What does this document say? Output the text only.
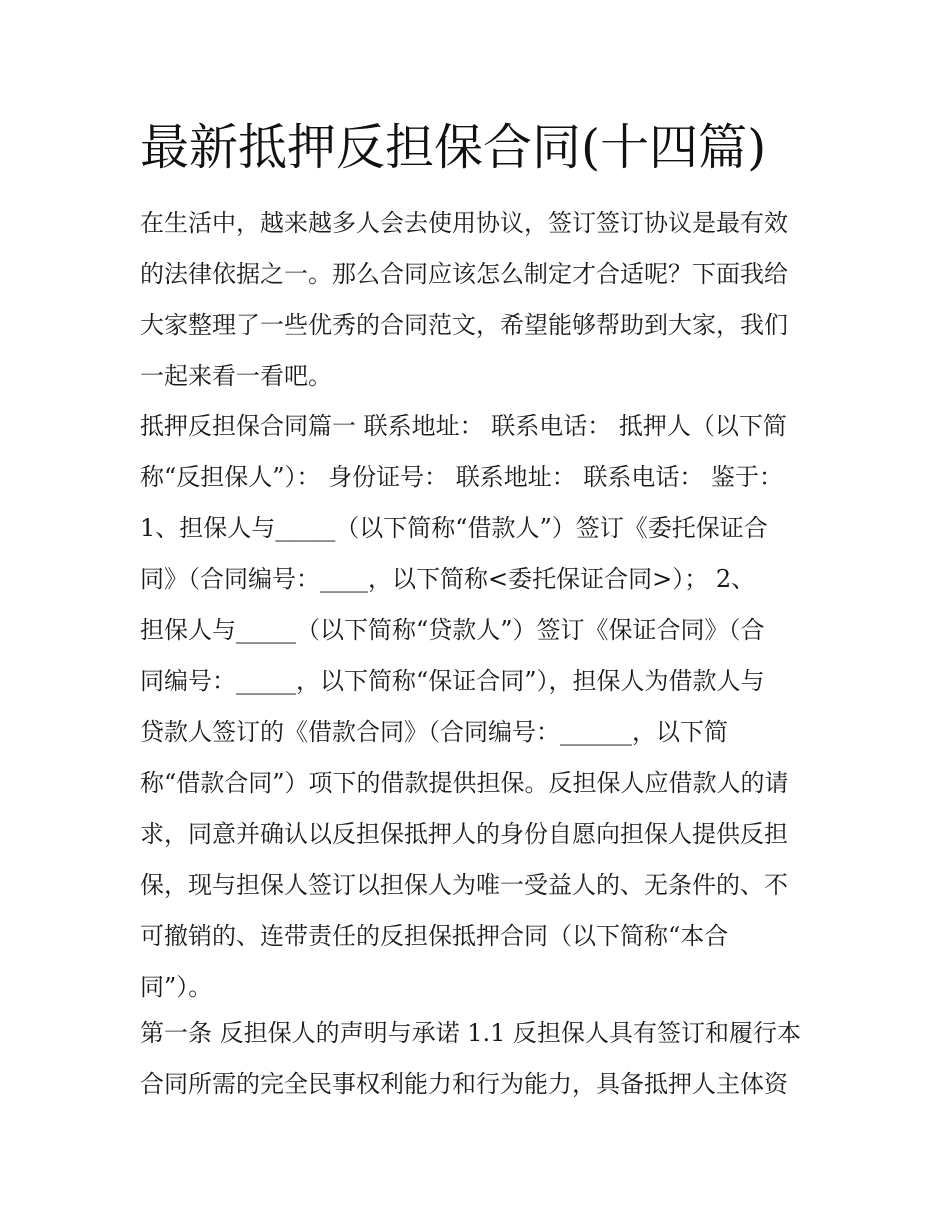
最新抵押反担保合同(十四篇)
在生活中，越来越多人会去使用协议，签订签订协议是最有效
的法律依据之一。那么合同应该怎么制定才合适呢？下面我给
大家整理了一些优秀的合同范文，希望能够帮助到大家，我们
一起来看一看吧。
抵押反担保合同篇一 联系地址： 联系电话： 抵押人（以下简
称“反担保人”）： 身份证号： 联系地址： 联系电话： 鉴于：
1、担保人与_____（以下简称“借款人”）签订《委托保证合
同》（合同编号：____，以下简称<委托保证合同>）； 2、
担保人与_____（以下简称“贷款人”）签订《保证合同》（合
同编号：_____，以下简称“保证合同”），担保人为借款人与
贷款人签订的《借款合同》（合同编号：______，以下简
称“借款合同”）项下的借款提供担保。反担保人应借款人的请
求，同意并确认以反担保抵押人的身份自愿向担保人提供反担
保，现与担保人签订以担保人为唯一受益人的、无条件的、不
可撤销的、连带责任的反担保抵押合同（以下简称“本合
同”）。
第一条 反担保人的声明与承诺 1.1 反担保人具有签订和履行本
合同所需的完全民事权利能力和行为能力，具备抵押人主体资
